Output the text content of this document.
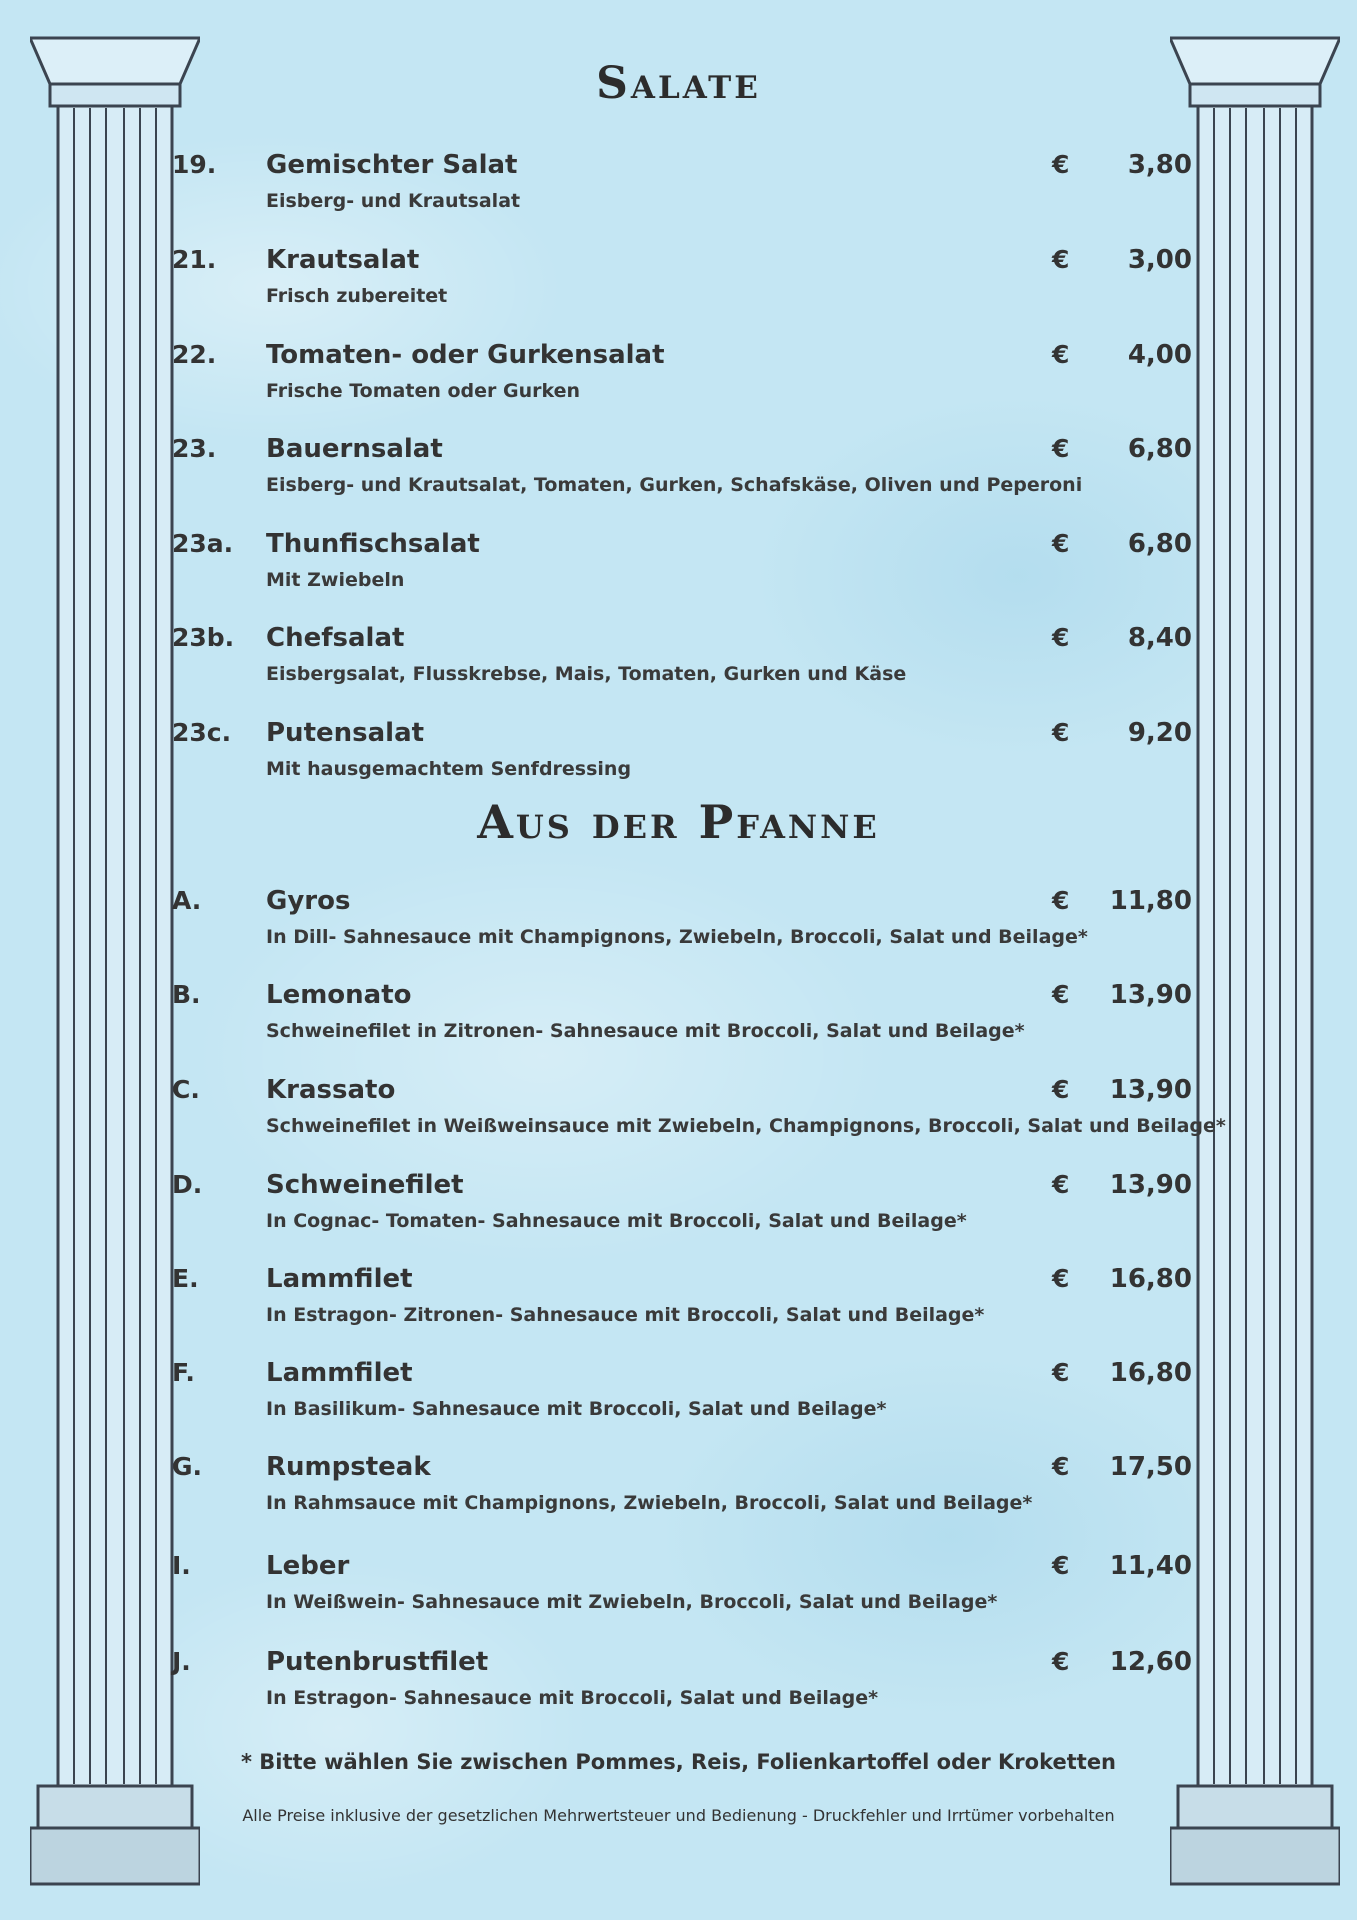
Salate
19.	Gemischter Salat
Eisberg- und Krautsalat
€ 3,80
21.	Krautsalat
Frisch zubereitet
€ 3,00
22.	Tomaten- oder Gurkensalat
Frische Tomaten oder Gurken
€ 4,00
23.	Bauernsalat
Eisberg- und Krautsalat, Tomaten, Gurken, Schafskäse, Oliven und Peperoni
€ 6,80
23a.	Thunfischsalat
Mit Zwiebeln
€ 6,80
23b.	Chefsalat
Eisbergsalat, Flusskrebse, Mais, Tomaten, Gurken und Käse
€ 8,40
23c.	Putensalat
Mit hausgemachtem Senfdressing
€ 9,20
Aus der Pfanne
A.	Gyros
In Dill- Sahnesauce mit Champignons, Zwiebeln, Broccoli, Salat und Beilage*
€ 11,80
B.	Lemonato
Schweinefilet in Zitronen- Sahnesauce mit Broccoli, Salat und Beilage*
€ 13,90
C.	Krassato
Schweinefilet in Weißweinsauce mit Zwiebeln, Champignons, Broccoli, Salat und Beilage*
€ 13,90
D.	Schweinefilet
In Cognac- Tomaten- Sahnesauce mit Broccoli, Salat und Beilage*
€ 13,90
E.	Lammfilet
In Estragon- Zitronen- Sahnesauce mit Broccoli, Salat und Beilage*
€ 16,80
F.	Lammfilet
In Basilikum- Sahnesauce mit Broccoli, Salat und Beilage*
€ 16,80
G.	Rumpsteak
In Rahmsauce mit Champignons, Zwiebeln, Broccoli, Salat und Beilage*
€ 17,50
I.	Leber
In Weißwein- Sahnesauce mit Zwiebeln, Broccoli, Salat und Beilage*
€ 11,40
J.	Putenbrustfilet
In Estragon- Sahnesauce mit Broccoli, Salat und Beilage*
€ 12,60
* Bitte wählen Sie zwischen Pommes, Reis, Folienkartoffel oder Kroketten
Alle Preise inklusive der gesetzlichen Mehrwertsteuer und Bedienung - Druckfehler und Irrtümer vorbehalten
